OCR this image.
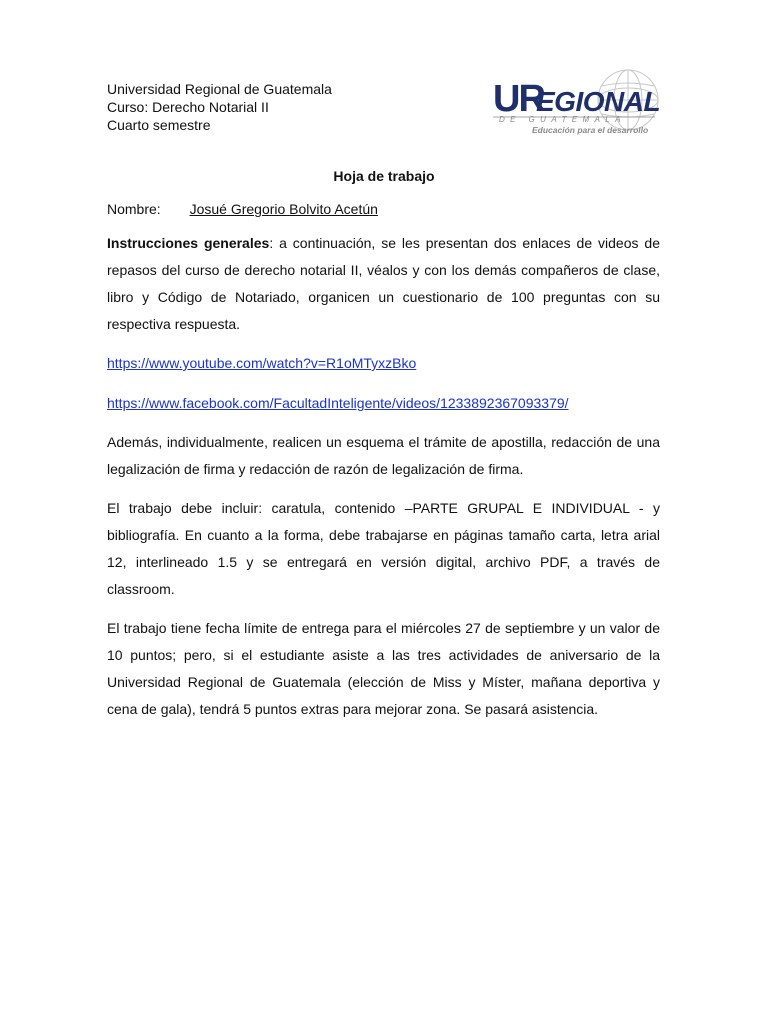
Universidad Regional de Guatemala
Curso: Derecho Notarial II
Cuarto semestre
UR
EGIONAL
DE GUATEMALA
Educación para el desarrollo
Hoja de trabajo
Nombre: Josué Gregorio Bolvito Acetún
Instrucciones generales: a continuación, se les presentan dos enlaces de videos de repasos del curso de derecho notarial II, véalos y con los demás compañeros de clase, libro y Código de Notariado, organicen un cuestionario de 100 preguntas con su respectiva respuesta.
https://www.youtube.com/watch?v=R1oMTyxzBko
https://www.facebook.com/FacultadInteligente/videos/1233892367093379/
Además, individualmente, realicen un esquema el trámite de apostilla, redacción de una legalización de firma y redacción de razón de legalización de firma.
El trabajo debe incluir: caratula, contenido –PARTE GRUPAL E INDIVIDUAL - y bibliografía. En cuanto a la forma, debe trabajarse en páginas tamaño carta, letra arial 12, interlineado 1.5 y se entregará en versión digital, archivo PDF, a través de classroom.
El trabajo tiene fecha límite de entrega para el miércoles 27 de septiembre y un valor de 10 puntos; pero, si el estudiante asiste a las tres actividades de aniversario de la Universidad Regional de Guatemala (elección de Miss y Míster, mañana deportiva y cena de gala), tendrá 5 puntos extras para mejorar zona. Se pasará asistencia.
